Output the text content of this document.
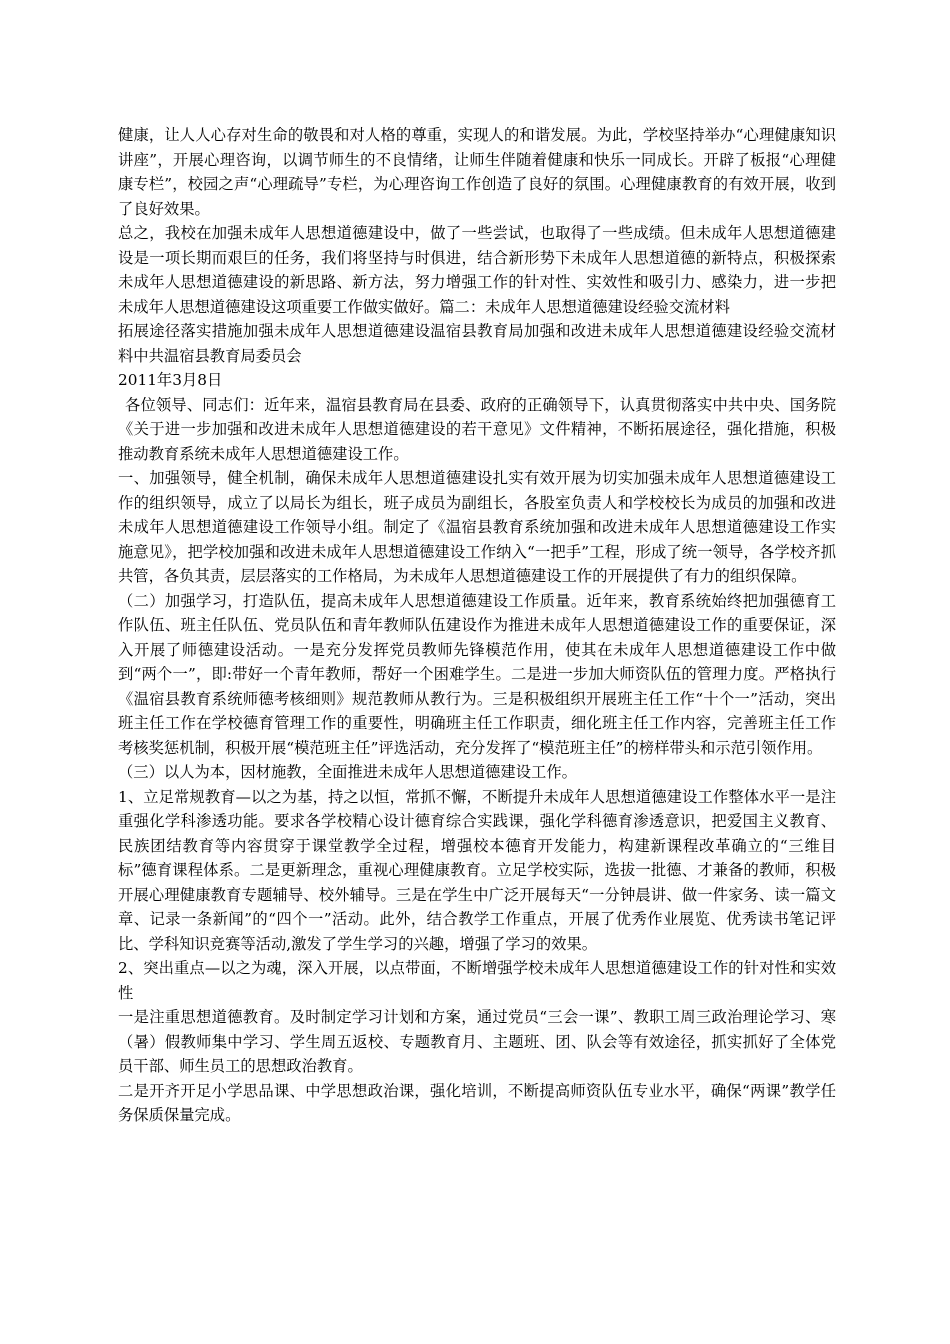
健康，让人人心存对生命的敬畏和对人格的尊重，实现人的和谐发展。为此，学校坚持举办“心理健康知识讲座”，开展心理咨询，以调节师生的不良情绪，让师生伴随着健康和快乐一同成长。开辟了板报“心理健康专栏”，校园之声“心理疏导”专栏，为心理咨询工作创造了良好的氛围。心理健康教育的有效开展，收到了良好效果。

总之，我校在加强未成年人思想道德建设中，做了一些尝试，也取得了一些成绩。但未成年人思想道德建设是一项长期而艰巨的任务，我们将坚持与时俱进，结合新形势下未成年人思想道德的新特点，积极探索未成年人思想道德建设的新思路、新方法，努力增强工作的针对性、实效性和吸引力、感染力，进一步把未成年人思想道德建设这项重要工作做实做好。篇二：未成年人思想道德建设经验交流材料

拓展途径落实措施加强未成年人思想道德建设温宿县教育局加强和改进未成年人思想道德建设经验交流材料中共温宿县教育局委员会

2011年3月8日

各位领导、同志们：近年来，温宿县教育局在县委、政府的正确领导下，认真贯彻落实中共中央、国务院《关于进一步加强和改进未成年人思想道德建设的若干意见》文件精神，不断拓展途径，强化措施，积极推动教育系统未成年人思想道德建设工作。

一、加强领导，健全机制，确保未成年人思想道德建设扎实有效开展为切实加强未成年人思想道德建设工作的组织领导，成立了以局长为组长，班子成员为副组长，各股室负责人和学校校长为成员的加强和改进未成年人思想道德建设工作领导小组。制定了《温宿县教育系统加强和改进未成年人思想道德建设工作实施意见》，把学校加强和改进未成年人思想道德建设工作纳入“一把手”工程，形成了统一领导，各学校齐抓共管，各负其责，层层落实的工作格局，为未成年人思想道德建设工作的开展提供了有力的组织保障。

（二）加强学习，打造队伍，提高未成年人思想道德建设工作质量。近年来，教育系统始终把加强德育工作队伍、班主任队伍、党员队伍和青年教师队伍建设作为推进未成年人思想道德建设工作的重要保证，深入开展了师德建设活动。一是充分发挥党员教师先锋模范作用，使其在未成年人思想道德建设工作中做到“两个一”，即:带好一个青年教师，帮好一个困难学生。二是进一步加大师资队伍的管理力度。严格执行《温宿县教育系统师德考核细则》规范教师从教行为。三是积极组织开展班主任工作“十个一”活动，突出班主任工作在学校德育管理工作的重要性，明确班主任工作职责，细化班主任工作内容，完善班主任工作考核奖惩机制，积极开展“模范班主任”评选活动，充分发挥了“模范班主任”的榜样带头和示范引领作用。

（三）以人为本，因材施教，全面推进未成年人思想道德建设工作。

1、立足常规教育—以之为基，持之以恒，常抓不懈，不断提升未成年人思想道德建设工作整体水平一是注重强化学科渗透功能。要求各学校精心设计德育综合实践课，强化学科德育渗透意识，把爱国主义教育、民族团结教育等内容贯穿于课堂教学全过程，增强校本德育开发能力，构建新课程改革确立的“三维目标”德育课程体系。二是更新理念，重视心理健康教育。立足学校实际，选拔一批德、才兼备的教师，积极开展心理健康教育专题辅导、校外辅导。三是在学生中广泛开展每天“一分钟晨讲、做一件家务、读一篇文章、记录一条新闻”的“四个一”活动。此外，结合教学工作重点，开展了优秀作业展览、优秀读书笔记评比、学科知识竞赛等活动,激发了学生学习的兴趣，增强了学习的效果。

2、突出重点—以之为魂，深入开展，以点带面，不断增强学校未成年人思想道德建设工作的针对性和实效性

一是注重思想道德教育。及时制定学习计划和方案，通过党员“三会一课”、教职工周三政治理论学习、寒（暑）假教师集中学习、学生周五返校、专题教育月、主题班、团、队会等有效途径，抓实抓好了全体党员干部、师生员工的思想政治教育。

二是开齐开足小学思品课、中学思想政治课，强化培训，不断提高师资队伍专业水平，确保“两课”教学任务保质保量完成。
